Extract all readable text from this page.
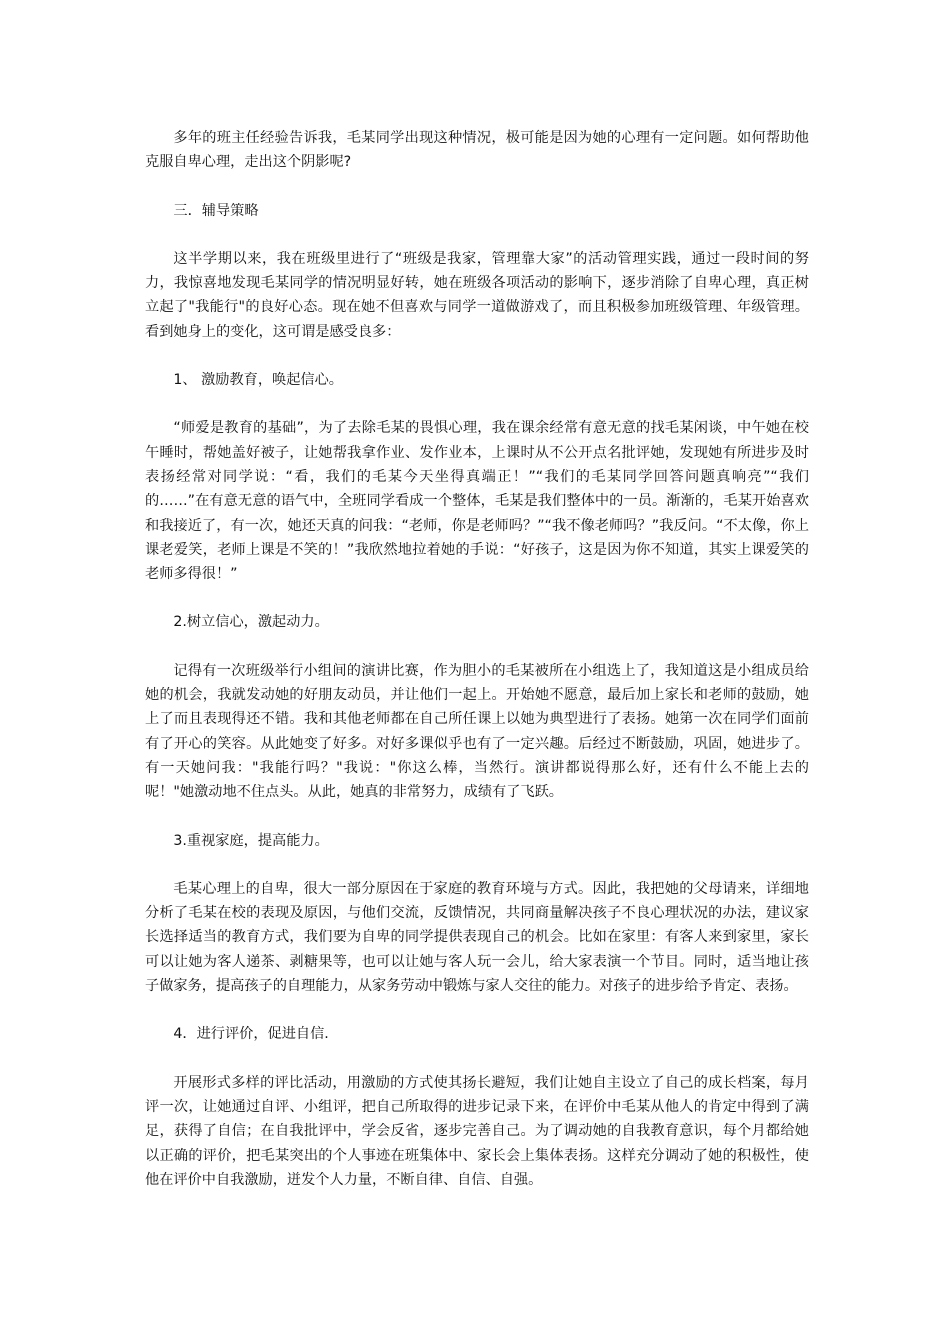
多年的班主任经验告诉我，毛某同学出现这种情况，极可能是因为她的心理有一定问题。如何帮助他克服自卑心理，走出这个阴影呢?

三．辅导策略

这半学期以来，我在班级里进行了“班级是我家，管理靠大家”的活动管理实践，通过一段时间的努力，我惊喜地发现毛某同学的情况明显好转，她在班级各项活动的影响下，逐步消除了自卑心理，真正树立起了"我能行"的良好心态。现在她不但喜欢与同学一道做游戏了，而且积极参加班级管理、年级管理。看到她身上的变化，这可谓是感受良多：

1、 激励教育，唤起信心。

“师爱是教育的基础”，为了去除毛某的畏惧心理，我在课余经常有意无意的找毛某闲谈，中午她在校午睡时，帮她盖好被子，让她帮我拿作业、发作业本，上课时从不公开点名批评她，发现她有所进步及时表扬经常对同学说：“看，我们的毛某今天坐得真端正！”“我们的毛某同学回答问题真响亮”“我们的……”在有意无意的语气中，全班同学看成一个整体，毛某是我们整体中的一员。渐渐的，毛某开始喜欢和我接近了，有一次，她还天真的问我：“老师，你是老师吗？”“我不像老师吗？”我反问。“不太像，你上课老爱笑，老师上课是不笑的！”我欣然地拉着她的手说：“好孩子，这是因为你不知道，其实上课爱笑的老师多得很！”

2.树立信心，激起动力。

记得有一次班级举行小组间的演讲比赛，作为胆小的毛某被所在小组选上了，我知道这是小组成员给她的机会，我就发动她的好朋友动员，并让他们一起上。开始她不愿意，最后加上家长和老师的鼓励，她上了而且表现得还不错。我和其他老师都在自己所任课上以她为典型进行了表扬。她第一次在同学们面前有了开心的笑容。从此她变了好多。对好多课似乎也有了一定兴趣。后经过不断鼓励，巩固，她进步了。有一天她问我："我能行吗？"我说："你这么棒，当然行。演讲都说得那么好，还有什么不能上去的呢！"她激动地不住点头。从此，她真的非常努力，成绩有了飞跃。

3.重视家庭，提高能力。

毛某心理上的自卑，很大一部分原因在于家庭的教育环境与方式。因此，我把她的父母请来，详细地分析了毛某在校的表现及原因，与他们交流，反馈情况，共同商量解决孩子不良心理状况的办法，建议家长选择适当的教育方式，我们要为自卑的同学提供表现自己的机会。比如在家里：有客人来到家里，家长可以让她为客人递茶、剥糖果等，也可以让她与客人玩一会儿，给大家表演一个节目。同时，适当地让孩子做家务，提高孩子的自理能力，从家务劳动中锻炼与家人交往的能力。对孩子的进步给予肯定、表扬。

4．进行评价，促进自信.

开展形式多样的评比活动，用激励的方式使其扬长避短，我们让她自主设立了自己的成长档案，每月评一次，让她通过自评、小组评，把自己所取得的进步记录下来，在评价中毛某从他人的肯定中得到了满足，获得了自信；在自我批评中，学会反省，逐步完善自己。为了调动她的自我教育意识，每个月都给她以正确的评价，把毛某突出的个人事迹在班集体中、家长会上集体表扬。这样充分调动了她的积极性，使他在评价中自我激励，迸发个人力量，不断自律、自信、自强。
